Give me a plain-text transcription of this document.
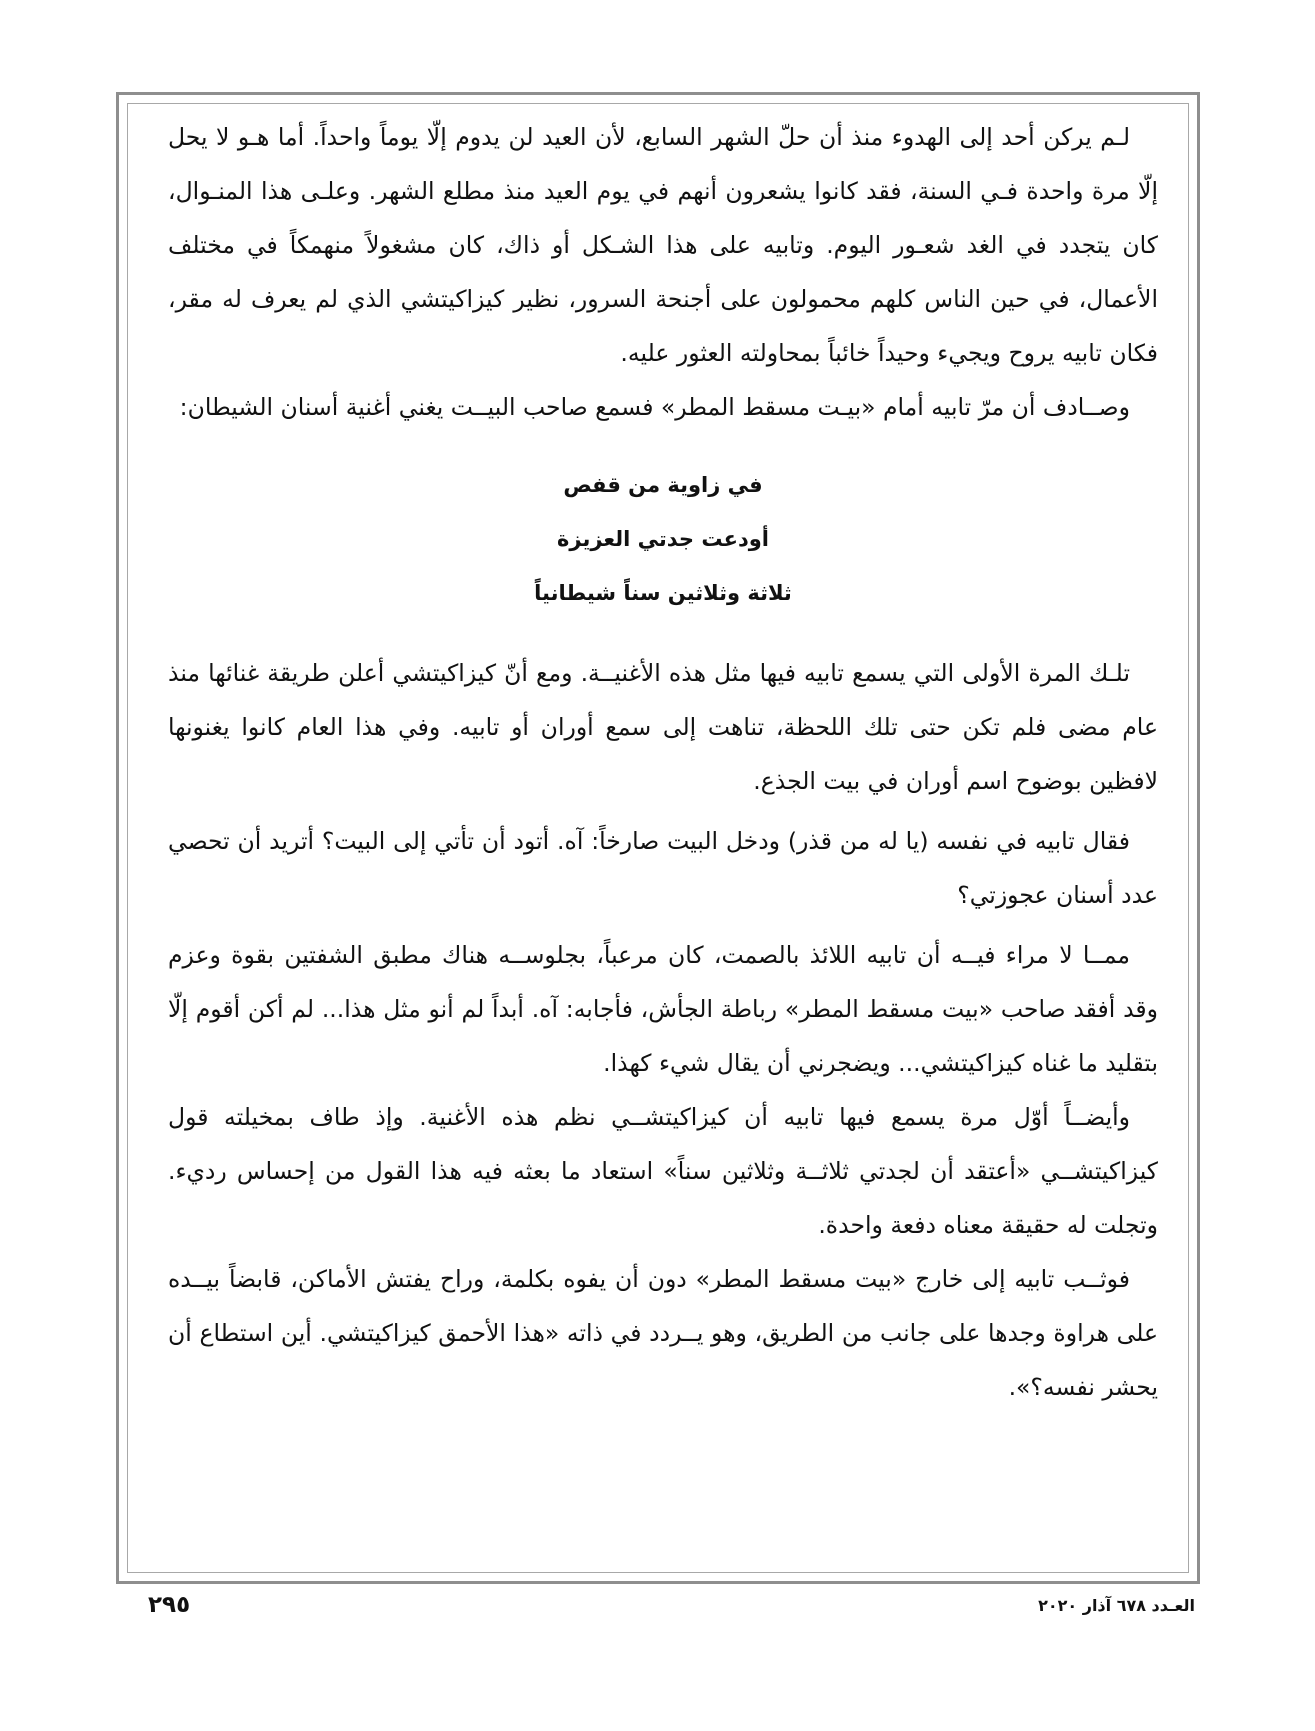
لـم يركن أحد إلى الهدوء منذ أن حلّ الشهر السابع، لأن العيد لن يدوم إلّا يوماً واحداً. أما هـو لا يحل إلّا مرة واحدة فـي السنة، فقد كانوا يشعرون أنهم في يوم العيد منذ مطلع الشهر. وعلـى هذا المنـوال، كان يتجدد في الغد شعـور اليوم. وتابيه على هذا الشـكل أو ذاك، كان مشغولاً منهمكاً في مختلف الأعمال، في حين الناس كلهم محمولون على أجنحة السرور، نظير كيزاكيتشي الذي لم يعرف له مقر، فكان تابيه يروح ويجيء وحيداً خائباً بمحاولته العثور عليه.

وصــادف أن مرّ تابيه أمام «بيـت مسقط المطر» فسمع صاحب البيــت يغني أغنية أسنان الشيطان:

في زاوية من قفص
أودعت جدتي العزيزة
ثلاثة وثلاثين سناً شيطانياً

تلـك المرة الأولى التي يسمع تابيه فيها مثل هذه الأغنيــة. ومع أنّ كيزاكيتشي أعلن طريقة غنائها منذ عام مضى فلم تكن حتى تلك اللحظة، تناهت إلى سمع أوران أو تابيه. وفي هذا العام كانوا يغنونها لافظين بوضوح اسم أوران في بيت الجذع.

فقال تابيه في نفسه (يا له من قذر) ودخل البيت صارخاً: آه. أتود أن تأتي إلى البيت؟ أتريد أن تحصي عدد أسنان عجوزتي؟

ممــا لا مراء فيــه أن تابيه اللائذ بالصمت، كان مرعباً، بجلوســه هناك مطبق الشفتين بقوة وعزم وقد أفقد صاحب «بيت مسقط المطر» رباطة الجأش، فأجابه: آه. أبداً لم أنو مثل هذا... لم أكن أقوم إلّا بتقليد ما غناه كيزاكيتشي... ويضجرني أن يقال شيء كهذا.

وأيضــاً أوّل مرة يسمع فيها تابيه أن كيزاكيتشــي نظم هذه الأغنية. وإذ طاف بمخيلته قول كيزاكيتشــي «أعتقد أن لجدتي ثلاثــة وثلاثين سناً» استعاد ما بعثه فيه هذا القول من إحساس رديء. وتجلت له حقيقة معناه دفعة واحدة.

فوثــب تابيه إلى خارج «بيت مسقط المطر» دون أن يفوه بكلمة، وراح يفتش الأماكن، قابضاً بيــده على هراوة وجدها على جانب من الطريق، وهو يــردد في ذاته «هذا الأحمق كيزاكيتشي. أين استطاع أن يحشر نفسه؟».

٢٩٥	العـدد ٦٧٨ آذار ٢٠٢٠
